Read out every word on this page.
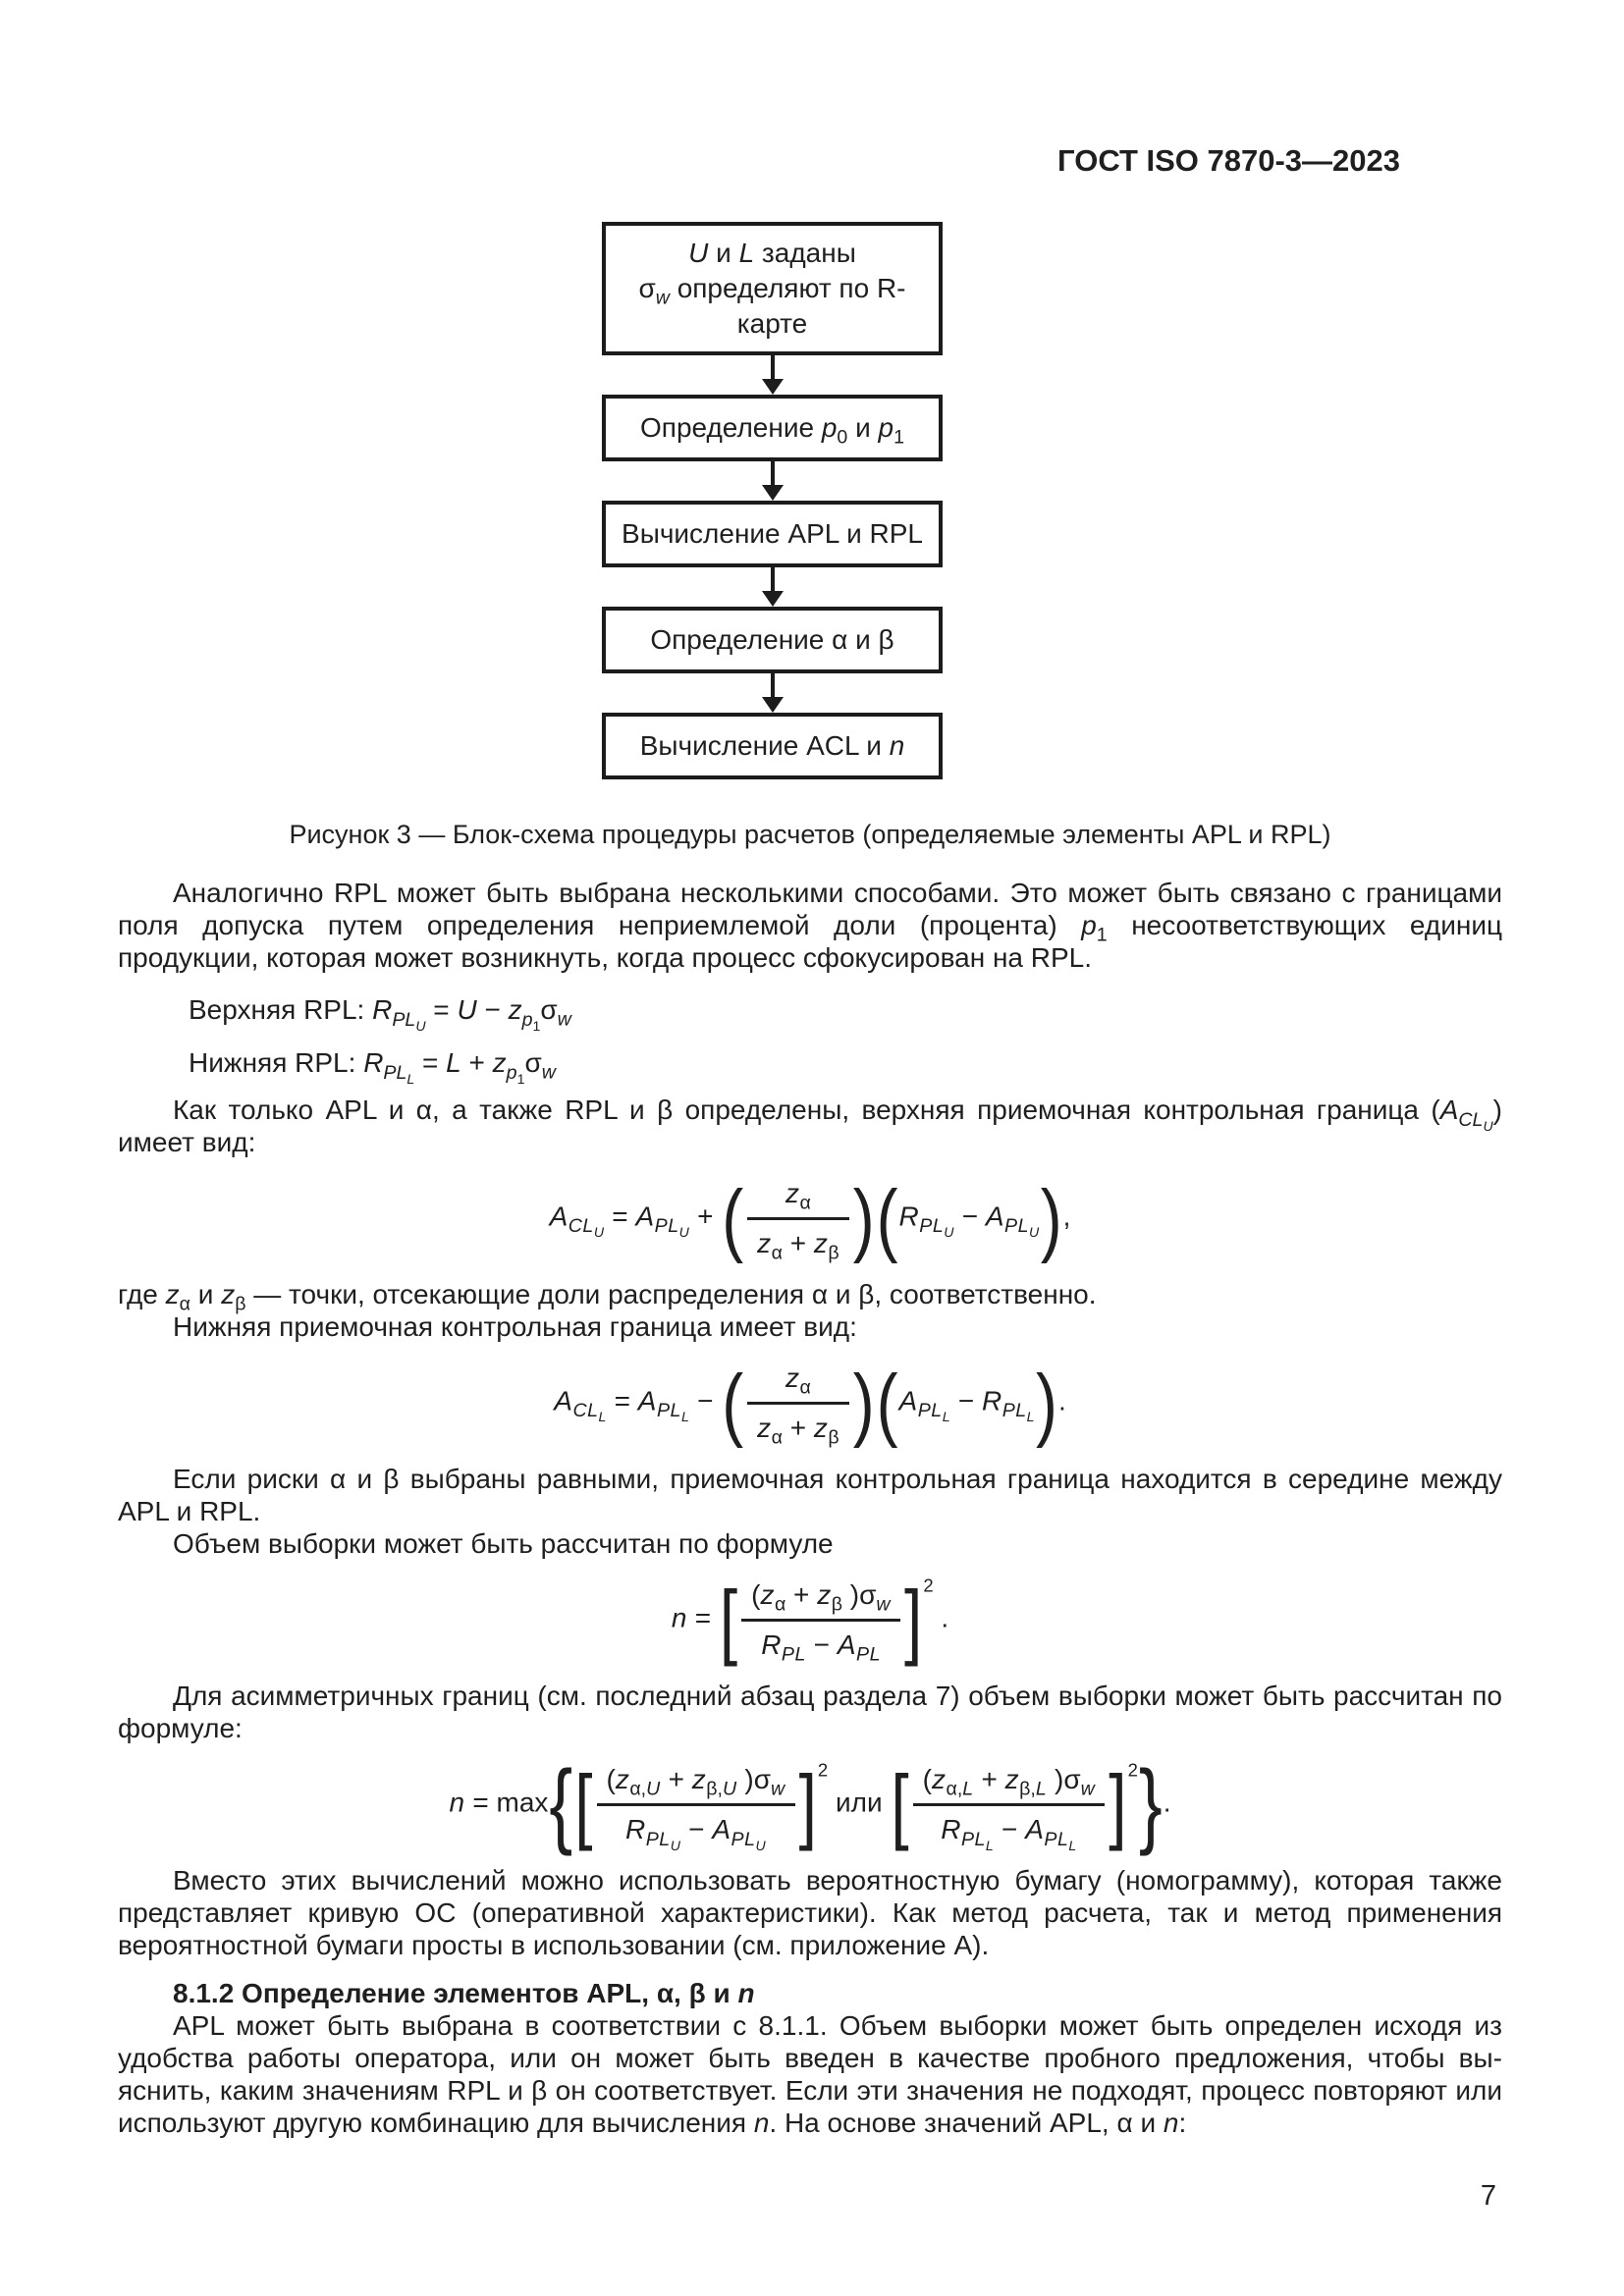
ГОСТ ISO 7870-3—2023
U и L заданы
$\sigma_w$ определяют по R-карте
Определение $p_0$ и $p_1$
Вычисление APL и RPL
Определение α и β
Вычисление ACL и n
Рисунок 3 — Блок-схема процедуры расчетов (определяемые элементы APL и RPL)

Аналогично RPL может быть выбрана несколькими способами. Это может быть связано с границами поля допуска путем определения неприемлемой доли (процента) $p_1$ несоответствующих единиц продукции, которая может возникнуть, когда процесс сфокусирован на RPL.

Верхняя RPL: $R_{PL_U} = U - z_{p_1}\sigma_w$
Нижняя RPL: $R_{PL_L} = L + z_{p_1}\sigma_w$

Как только APL и α, а также RPL и β определены, верхняя приемочная контрольная граница $(A_{CL_U})$ имеет вид:

$A_{CL_U} = A_{PL_U}$ + ( $\frac{z_\alpha}{z_\alpha + z_\beta} )(R_{PL_U} - A_{PL_U})$,

где $z_\alpha$ и $z_\beta$ — точки, отсекающие доли распределения α и β, соответственно.

Нижняя приемочная контрольная граница имеет вид:

$A_{CL_L} = A_{PL_L}$ − ( $\frac{z_\alpha}{z_\alpha + z_\beta} )(A_{PL_L} - R_{PL_L})$.

Если риски α и β выбраны равными, приемочная контрольная граница находится в середине между APL и RPL.

Объем выборки может быть рассчитан по формуле

n = [ $\frac{(z_\alpha + z_\beta )\sigma_w}{R_{PL} - A_{PL}} ]^2$ .

Для асимметричных границ (см. последний абзац раздела 7) объем выборки может быть рассчитан по формуле:

$n = \max\{[ \frac{(z_{\alpha,U} + z_{\beta,U} )\sigma_w}{R_{PL_U} - A_{PL_U}} ]^2$ или [ $\frac{(z_{\alpha,L} + z_{\beta,L} )\sigma_w}{R_{PL_L} - A_{PL_L}} ]^2$}.

Вместо этих вычислений можно использовать вероятностную бумагу (номограмму), которая также представляет кривую ОС (оперативной характеристики). Как метод расчета, так и метод применения вероятностной бумаги просты в использовании (см. приложение А).

8.1.2 Определение элементов APL, α, β и n

APL может быть выбрана в соответствии с 8.1.1. Объем выборки может быть определен исходя из удобства работы оператора, или он может быть введен в качестве пробного предложения, чтобы выяснить, каким значениям RPL и β он соответствует. Если эти значения не подходят, процесс повторяют или используют другую комбинацию для вычисления n. На основе значений APL, α и n:

7
